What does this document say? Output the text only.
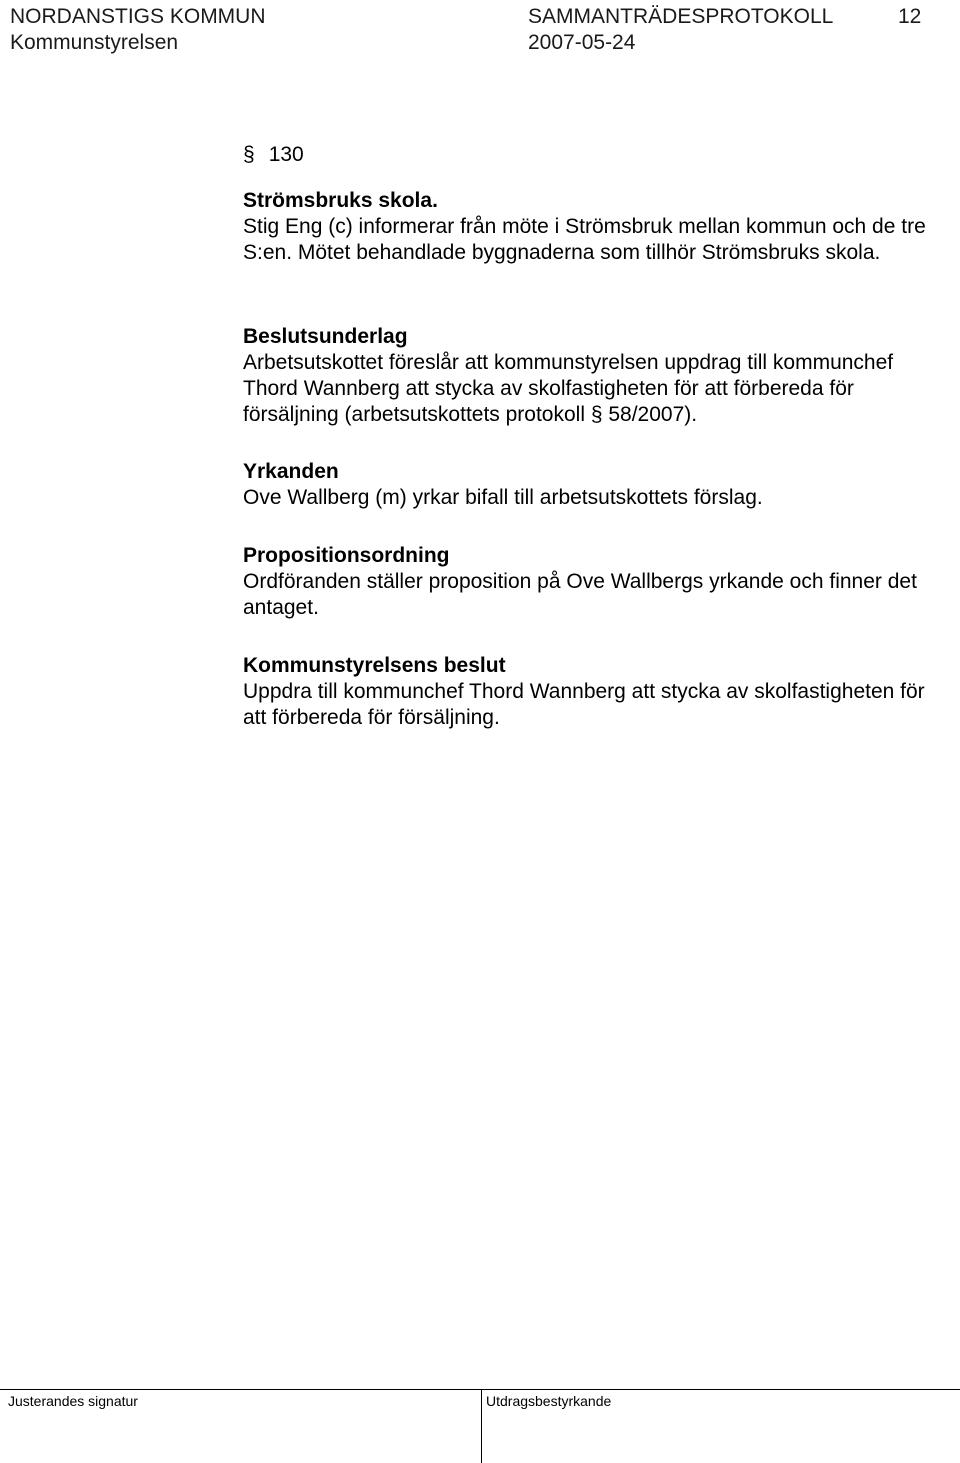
NORDANSTIGS KOMMUN	SAMMANTRÄDESPROTOKOLL	12
Kommunstyrelsen	2007-05-24
§ 130

Strömsbruks skola.

Stig Eng (c) informerar från möte i Strömsbruk mellan kommun och de tre S:en. Mötet behandlade byggnaderna som tillhör Strömsbruks skola.

Beslutsunderlag

Arbetsutskottet föreslår att kommunstyrelsen uppdrag till kommunchef Thord Wannberg att stycka av skolfastigheten för att förbereda för försäljning (arbetsutskottets protokoll § 58/2007).

Yrkanden

Ove Wallberg (m) yrkar bifall till arbetsutskottets förslag.

Propositionsordning

Ordföranden ställer proposition på Ove Wallbergs yrkande och finner det antaget.

Kommunstyrelsens beslut

Uppdra till kommunchef Thord Wannberg att stycka av skolfastigheten för att förbereda för försäljning.

Justerandes signatur	Utdragsbestyrkande
